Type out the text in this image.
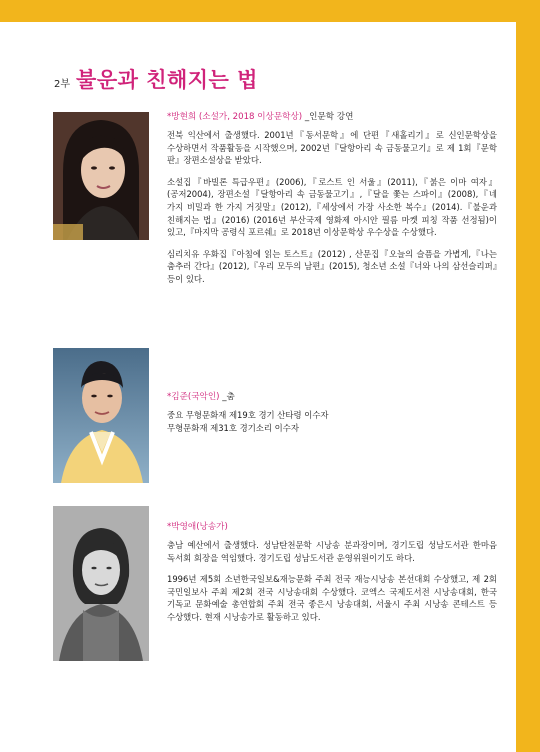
2부 불운과 친해지는 법
*방현희 (소설가, 2018 이상문학상) _인문학 강연

전북 익산에서 출생했다. 2001년『동서문학』에 단편『새홀리기』로 신인문학상을 수상하면서 작품활동을 시작했으며, 2002년『달항아리 속 금동물고기』로 제 1회『문학 판』장편소설상을 받았다.

소설집『바빌론 특급우편』(2006),『로스트 인 서울』(2011),『붉은 이마 여자』(공저2004), 장편소설『달항아리 속 금동물고기』,『달을 쫓는 스파이』(2008),『네 가지 비밀과 한 가지 거짓말』(2012),『세상에서 가장 사소한 복수』(2014).『불운과 친해지는 법』(2016) (2016년 부산국제 영화제 아시안 필름 마켓 피칭 작품 선정됨)이 있고,『마지막 공령식 포르쉐』로 2018년 이상문학상 우수상을 수상했다.

심리치유 우화집『아침에 읽는 토스트』(2012) , 산문집『오늘의 슬픔을 가볍게,『나는 춤추러 간다』(2012),『우리 모두의 남편』(2015), 청소년 소설『너와 나의 삼선슬리퍼』등이 있다.

*김준(국악인) _춤
중요 무형문화재 제19호 경기 산타령 이수자
무형문화재 제31호 경기소리 이수자
*박영애(낭송가)

충남 예산에서 출생했다. 성남탄천문학 시낭송 분과장이며, 경기도립 성남도서관 한마음 독서회 회장을 역임했다. 경기도립 성남도서관 운영위원이기도 하다.

1996년 제5회 소년한국일보&재능문화 주최 전국 재능시낭송 본선대회 수상했고, 제 2회 국민일보사 주최 제2회 전국 시낭송대회 수상했다. 코엑스 국제도서전 시낭송대회, 한국 기독교 문화예술 총연합회 주최 전국 좋은시 낭송대회, 서울시 주최 시낭송 콘테스트 등 수상했다. 현재 시낭송가로 활동하고 있다.
